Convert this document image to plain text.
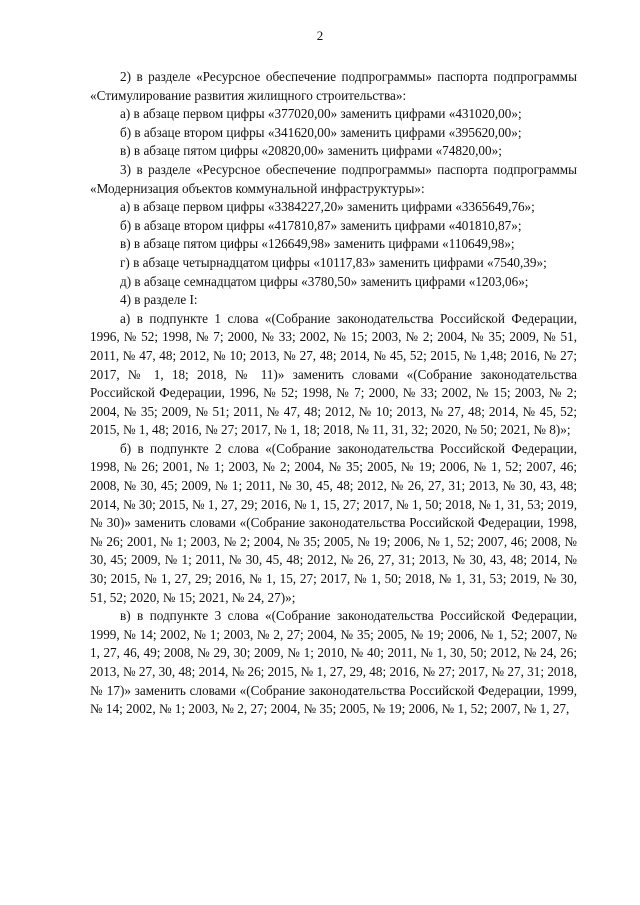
2

2) в разделе «Ресурсное обеспечение подпрограммы» паспорта подпрограммы «Стимулирование развития жилищного строительства»:

а) в абзаце первом цифры «377020,00» заменить цифрами «431020,00»;

б) в абзаце втором цифры «341620,00» заменить цифрами «395620,00»;

в) в абзаце пятом цифры «20820,00» заменить цифрами «74820,00»;

3) в разделе «Ресурсное обеспечение подпрограммы» паспорта подпрограммы «Модернизация объектов коммунальной инфраструктуры»:

а) в абзаце первом цифры «3384227,20» заменить цифрами «3365649,76»;

б) в абзаце втором цифры «417810,87» заменить цифрами «401810,87»;

в) в абзаце пятом цифры «126649,98» заменить цифрами «110649,98»;

г) в абзаце четырнадцатом цифры «10117,83» заменить цифрами «7540,39»;

д) в абзаце семнадцатом цифры «3780,50» заменить цифрами «1203,06»;

4) в разделе I:

а) в подпункте 1 слова «(Собрание законодательства Российской Федерации, 1996, № 52; 1998, № 7; 2000, № 33; 2002, № 15; 2003, № 2; 2004, № 35; 2009, № 51, 2011, № 47, 48; 2012, № 10; 2013, № 27, 48; 2014, № 45, 52; 2015, № 1,48; 2016, № 27; 2017, № 1, 18; 2018, № 11)» заменить словами «(Собрание законодательства Российской Федерации, 1996, № 52; 1998, № 7; 2000, № 33; 2002, № 15; 2003, № 2; 2004, № 35; 2009, № 51; 2011, № 47, 48; 2012, № 10; 2013, № 27, 48; 2014, № 45, 52; 2015, № 1, 48; 2016, № 27; 2017, № 1, 18; 2018, № 11, 31, 32; 2020, № 50; 2021, № 8)»;

б) в подпункте 2 слова «(Собрание законодательства Российской Федерации, 1998, № 26; 2001, № 1; 2003, № 2; 2004, № 35; 2005, № 19; 2006, № 1, 52; 2007, 46; 2008, № 30, 45; 2009, № 1; 2011, № 30, 45, 48; 2012, № 26, 27, 31; 2013, № 30, 43, 48; 2014, № 30; 2015, № 1, 27, 29; 2016, № 1, 15, 27; 2017, № 1, 50; 2018, № 1, 31, 53; 2019, № 30)» заменить словами «(Собрание законодательства Российской Федерации, 1998, № 26; 2001, № 1; 2003, № 2; 2004, № 35; 2005, № 19; 2006, № 1, 52; 2007, 46; 2008, № 30, 45; 2009, № 1; 2011, № 30, 45, 48; 2012, № 26, 27, 31; 2013, № 30, 43, 48; 2014, № 30; 2015, № 1, 27, 29; 2016, № 1, 15, 27; 2017, № 1, 50; 2018, № 1, 31, 53; 2019, № 30, 51, 52; 2020, № 15; 2021, № 24, 27)»;

в) в подпункте 3 слова «(Собрание законодательства Российской Федерации, 1999, № 14; 2002, № 1; 2003, № 2, 27; 2004, № 35; 2005, № 19; 2006, № 1, 52; 2007, № 1, 27, 46, 49; 2008, № 29, 30; 2009, № 1; 2010, № 40; 2011, № 1, 30, 50; 2012, № 24, 26; 2013, № 27, 30, 48; 2014, № 26; 2015, № 1, 27, 29, 48; 2016, № 27; 2017, № 27, 31; 2018, № 17)» заменить словами «(Собрание законодательства Российской Федерации, 1999, № 14; 2002, № 1; 2003, № 2, 27; 2004, № 35; 2005, № 19; 2006, № 1, 52; 2007, № 1, 27,
